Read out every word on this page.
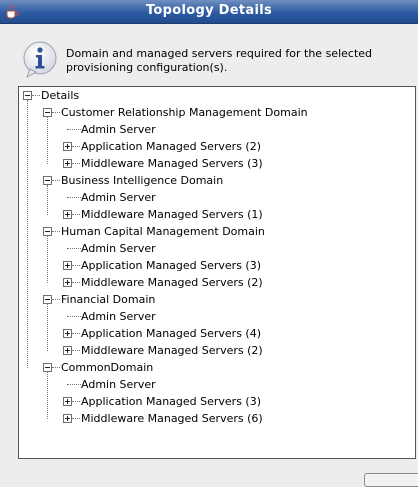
Topology Details
Domain and managed servers required for the selected provisioning configuration(s).
Details
Customer Relationship Management Domain
Admin Server
Application Managed Servers (2)
Middleware Managed Servers (3)
Business Intelligence Domain
Admin Server
Middleware Managed Servers (1)
Human Capital Management Domain
Admin Server
Application Managed Servers (3)
Middleware Managed Servers (2)
Financial Domain
Admin Server
Application Managed Servers (4)
Middleware Managed Servers (2)
CommonDomain
Admin Server
Application Managed Servers (3)
Middleware Managed Servers (6)
